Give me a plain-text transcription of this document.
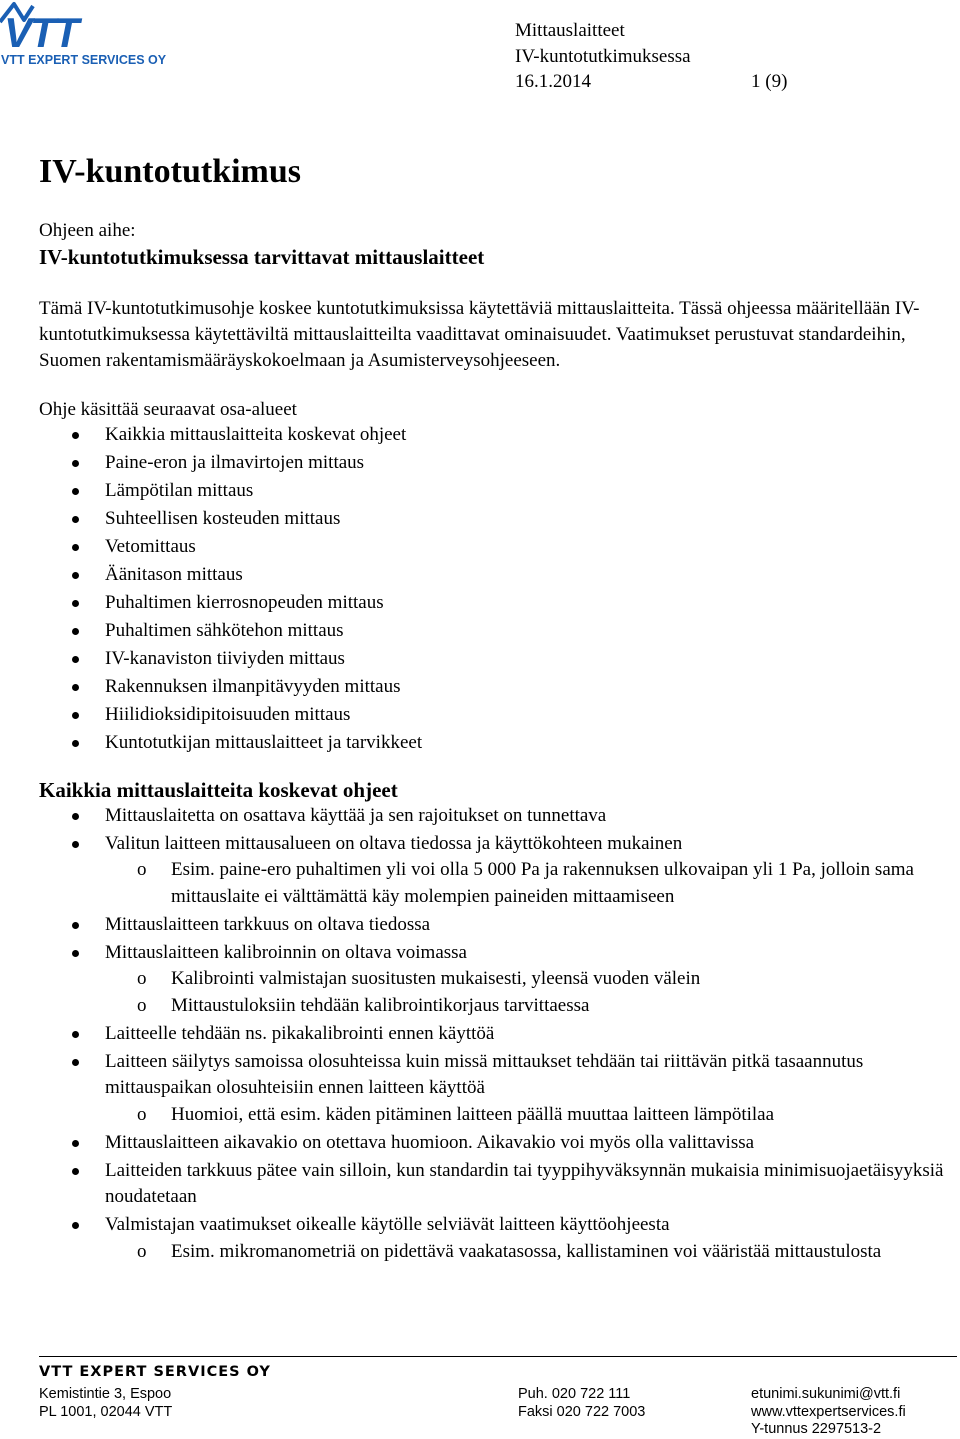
VTT
VTT EXPERT SERVICES OY
Mittauslaitteet
IV-kuntotutkimuksessa
16.1.2014	1 (9)
IV-kuntotutkimus
Ohjeen aihe:
IV-kuntotutkimuksessa tarvittavat mittauslaitteet

Tämä IV-kuntotutkimusohje koskee kuntotutkimuksissa käytettäviä mittauslaitteita. Tässä ohjeessa määritellään IV-kuntotutkimuksessa käytettäviltä mittauslaitteilta vaadittavat ominaisuudet. Vaatimukset perustuvat standardeihin, Suomen rakentamismääräyskokoelmaan ja Asumisterveysohjeeseen.

Ohje käsittää seuraavat osa-alueet
Kaikkia mittauslaitteita koskevat ohjeet
Paine-eron ja ilmavirtojen mittaus
Lämpötilan mittaus
Suhteellisen kosteuden mittaus
Vetomittaus
Äänitason mittaus
Puhaltimen kierrosnopeuden mittaus
Puhaltimen sähkötehon mittaus
IV-kanaviston tiiviyden mittaus
Rakennuksen ilmanpitävyyden mittaus
Hiilidioksidipitoisuuden mittaus
Kuntotutkijan mittauslaitteet ja tarvikkeet
Kaikkia mittauslaitteita koskevat ohjeet
Mittauslaitetta on osattava käyttää ja sen rajoitukset on tunnettava
Valitun laitteen mittausalueen on oltava tiedossa ja käyttökohteen mukainen
o Esim. paine-ero puhaltimen yli voi olla 5 000 Pa ja rakennuksen ulkovaipan yli 1 Pa, jolloin sama mittauslaite ei välttämättä käy molempien paineiden mittaamiseen
Mittauslaitteen tarkkuus on oltava tiedossa
Mittauslaitteen kalibroinnin on oltava voimassa
o Kalibrointi valmistajan suositusten mukaisesti, yleensä vuoden välein
o Mittaustuloksiin tehdään kalibrointikorjaus tarvittaessa
Laitteelle tehdään ns. pikakalibrointi ennen käyttöä
Laitteen säilytys samoissa olosuhteissa kuin missä mittaukset tehdään tai riittävän pitkä tasaannutus mittauspaikan olosuhteisiin ennen laitteen käyttöä
o Huomioi, että esim. käden pitäminen laitteen päällä muuttaa laitteen lämpötilaa
Mittauslaitteen aikavakio on otettava huomioon. Aikavakio voi myös olla valittavissa
Laitteiden tarkkuus pätee vain silloin, kun standardin tai tyyppihyväksynnän mukaisia minimisuojaetäisyyksiä noudatetaan
Valmistajan vaatimukset oikealle käytölle selviävät laitteen käyttöohjeesta
o Esim. mikromanometriä on pidettävä vaakatasossa, kallistaminen voi vääristää mittaustulosta
VTT EXPERT SERVICES OY
Kemistintie 3, Espoo
PL 1001, 02044 VTT
Puh. 020 722 111
Faksi 020 722 7003
etunimi.sukunimi@vtt.fi
www.vttexpertservices.fi
Y-tunnus 2297513-2
